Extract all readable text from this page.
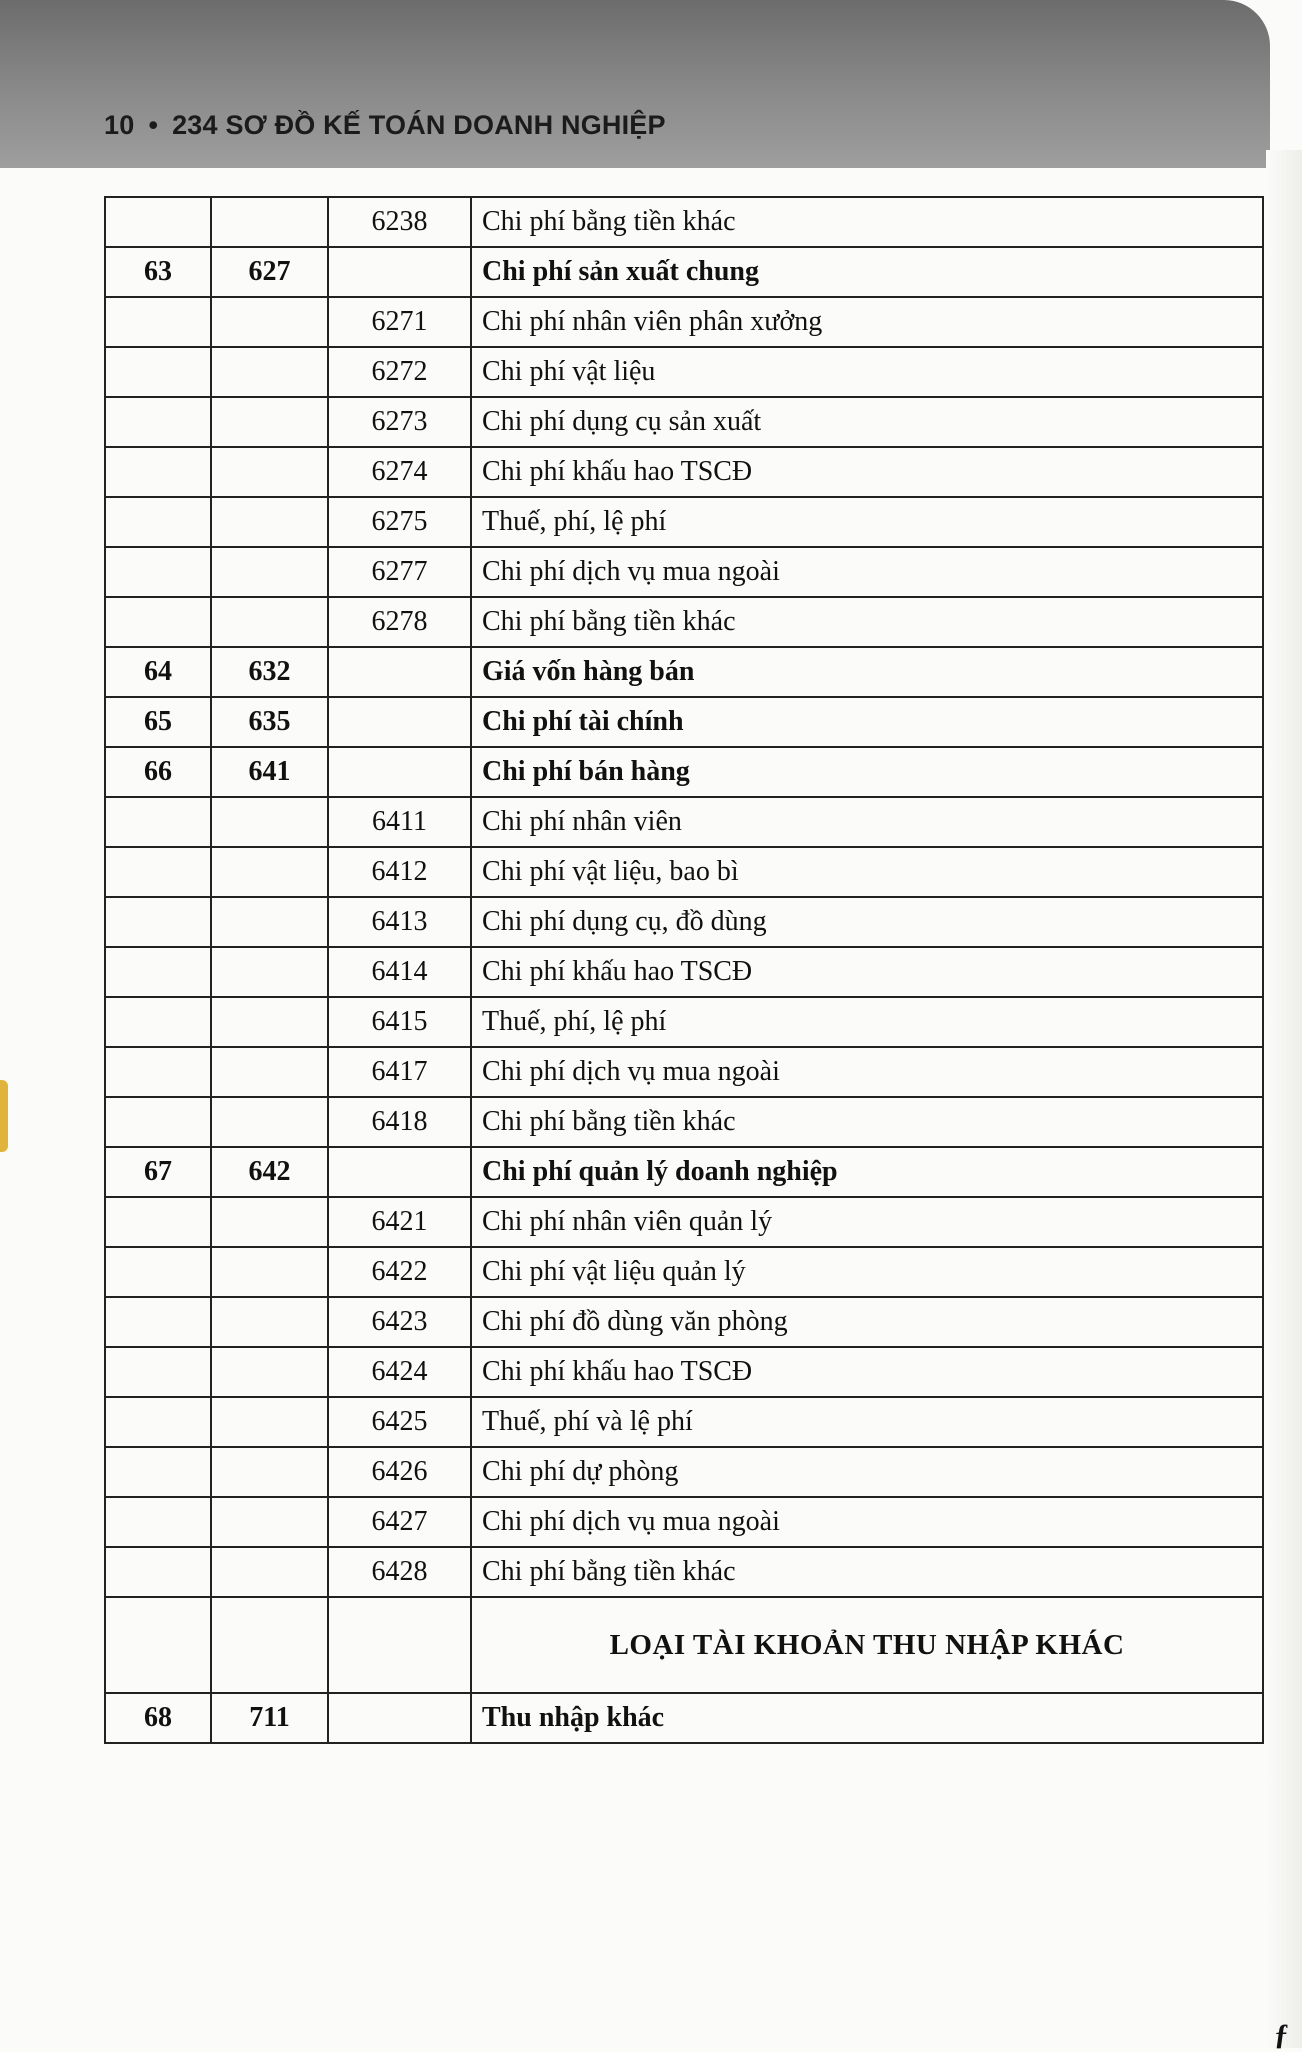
10 • 234 SƠ ĐỒ KẾ TOÁN DOANH NGHIỆP
		6238	Chi phí bằng tiền khác
63	627		Chi phí sản xuất chung
		6271	Chi phí nhân viên phân xưởng
		6272	Chi phí vật liệu
		6273	Chi phí dụng cụ sản xuất
		6274	Chi phí khấu hao TSCĐ
		6275	Thuế, phí, lệ phí
		6277	Chi phí dịch vụ mua ngoài
		6278	Chi phí bằng tiền khác
64	632		Giá vốn hàng bán
65	635		Chi phí tài chính
66	641		Chi phí bán hàng
		6411	Chi phí nhân viên
		6412	Chi phí vật liệu, bao bì
		6413	Chi phí dụng cụ, đồ dùng
		6414	Chi phí khấu hao TSCĐ
		6415	Thuế, phí, lệ phí
		6417	Chi phí dịch vụ mua ngoài
		6418	Chi phí bằng tiền khác
67	642		Chi phí quản lý doanh nghiệp
		6421	Chi phí nhân viên quản lý
		6422	Chi phí vật liệu quản lý
		6423	Chi phí đồ dùng văn phòng
		6424	Chi phí khấu hao TSCĐ
		6425	Thuế, phí và lệ phí
		6426	Chi phí dự phòng
		6427	Chi phí dịch vụ mua ngoài
		6428	Chi phí bằng tiền khác
			LOẠI TÀI KHOẢN THU NHẬP KHÁC
68	711		Thu nhập khác
ƒ
